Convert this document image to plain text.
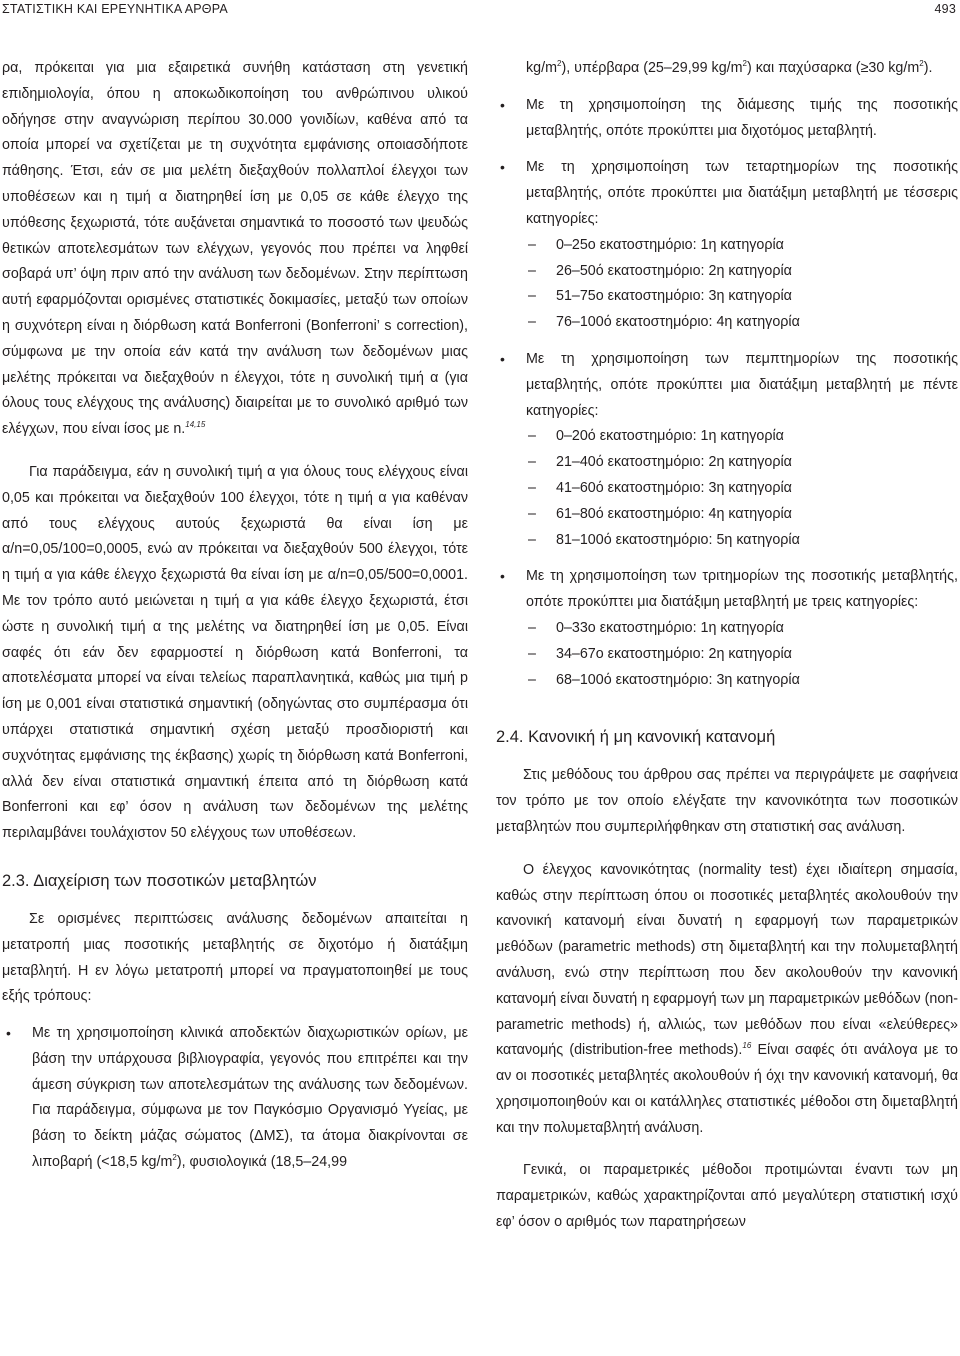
ΣΤΑΤΙΣΤΙΚΗ ΚΑΙ ΕΡΕΥΝΗΤΙΚΑ ΑΡΘΡΑ	493

ρα, πρόκειται για μια εξαιρετικά συνήθη κατάσταση στη γενετική επιδημιολογία, όπου η αποκωδικοποίηση του ανθρώπινου υλικού οδήγησε στην αναγνώριση περίπου 30.000 γονιδίων, καθένα από τα οποία μπορεί να σχετίζεται με τη συχνότητα εμφάνισης οποιασδήποτε πάθησης. Έτσι, εάν σε μια μελέτη διεξαχθούν πολλαπλοί έλεγχοι των υποθέσεων και η τιμή α διατηρηθεί ίση με 0,05 σε κάθε έλεγχο της υπόθεσης ξεχωριστά, τότε αυξάνεται σημαντικά το ποσοστό των ψευδώς θετικών αποτελεσμάτων των ελέγχων, γεγονός που πρέπει να ληφθεί σοβαρά υπ’ όψη πριν από την ανάλυση των δεδομένων. Στην περίπτωση αυτή εφαρμόζονται ορισμένες στατιστικές δοκιμασίες, μεταξύ των οποίων η συχνότερη είναι η διόρθωση κατά Bonferroni (Bonferroni’ s correction), σύμφωνα με την οποία εάν κατά την ανάλυση των δεδομένων μιας μελέτης πρόκειται να διεξαχθούν n έλεγχοι, τότε η συνολική τιμή α (για όλους τους ελέγχους της ανάλυσης) διαιρείται με το συνολικό αριθμό των ελέγχων, που είναι ίσος με n.$^{14,15}$

Για παράδειγμα, εάν η συνολική τιμή α για όλους τους ελέγχους είναι 0,05 και πρόκειται να διεξαχθούν 100 έλεγχοι, τότε η τιμή α για καθέναν από τους ελέγχους αυτούς ξεχωριστά θα είναι ίση με α/n=0,05/100=0,0005, ενώ αν πρόκειται να διεξαχθούν 500 έλεγχοι, τότε η τιμή α για κάθε έλεγχο ξεχωριστά θα είναι ίση με α/n=0,05/500=0,0001. Με τον τρόπο αυτό μειώνεται η τιμή α για κάθε έλεγχο ξεχωριστά, έτσι ώστε η συνολική τιμή α της μελέτης να διατηρηθεί ίση με 0,05. Είναι σαφές ότι εάν δεν εφαρμοστεί η διόρθωση κατά Bonferroni, τα αποτελέσματα μπορεί να είναι τελείως παραπλανητικά, καθώς μια τιμή p ίση με 0,001 είναι στατιστικά σημαντική (οδηγώντας στο συμπέρασμα ότι υπάρχει στατιστικά σημαντική σχέση μεταξύ προσδιοριστή και συχνότητας εμφάνισης της έκβασης) χωρίς τη διόρθωση κατά Bonferroni, αλλά δεν είναι στατιστικά σημαντική έπειτα από τη διόρθωση κατά Bonferroni και εφ’ όσον η ανάλυση των δεδομένων της μελέτης περιλαμβάνει τουλάχιστον 50 ελέγχους των υποθέσεων.

2.3. Διαχείριση των ποσοτικών μεταβλητών

Σε ορισμένες περιπτώσεις ανάλυσης δεδομένων απαιτείται η μετατροπή μιας ποσοτικής μεταβλητής σε διχοτόμο ή διατάξιμη μεταβλητή. Η εν λόγω μετατροπή μπορεί να πραγματοποιηθεί με τους εξής τρόπους:

• Με τη χρησιμοποίηση κλινικά αποδεκτών διαχωριστικών ορίων, με βάση την υπάρχουσα βιβλιογραφία, γεγονός που επιτρέπει και την άμεση σύγκριση των αποτελεσμάτων της ανάλυσης των δεδομένων. Για παράδειγμα, σύμφωνα με τον Παγκόσμιο Οργανισμό Υγείας, με βάση το δείκτη μάζας σώματος (ΔΜΣ), τα άτομα διακρίνονται σε λιποβαρή (<18,5 $kg/m^2$), φυσιολογικά (18,5–24,99

$kg/m^2$), υπέρβαρα (25–29,99 $kg/m^2$) και παχύσαρκα (≥30 $kg/m^2$).

• Με τη χρησιμοποίηση της διάμεσης τιμής της ποσοτικής μεταβλητής, οπότε προκύπτει μια διχοτόμος μεταβλητή.
• Με τη χρησιμοποίηση των τεταρτημορίων της ποσοτικής μεταβλητής, οπότε προκύπτει μια διατάξιμη μεταβλητή με τέσσερις κατηγορίες:
– 0–25ο εκατοστημόριο: 1η κατηγορία
– 26–50ό εκατοστημόριο: 2η κατηγορία
– 51–75ο εκατοστημόριο: 3η κατηγορία
– 76–100ό εκατοστημόριο: 4η κατηγορία
• Με τη χρησιμοποίηση των πεμπτημορίων της ποσοτικής μεταβλητής, οπότε προκύπτει μια διατάξιμη μεταβλητή με πέντε κατηγορίες:
– 0–20ό εκατοστημόριο: 1η κατηγορία
– 21–40ό εκατοστημόριο: 2η κατηγορία
– 41–60ό εκατοστημόριο: 3η κατηγορία
– 61–80ό εκατοστημόριο: 4η κατηγορία
– 81–100ό εκατοστημόριο: 5η κατηγορία
• Με τη χρησιμοποίηση των τριτημορίων της ποσοτικής μεταβλητής, οπότε προκύπτει μια διατάξιμη μεταβλητή με τρεις κατηγορίες:
– 0–33ο εκατοστημόριο: 1η κατηγορία
– 34–67ο εκατοστημόριο: 2η κατηγορία
– 68–100ό εκατοστημόριο: 3η κατηγορία
2.4. Κανονική ή μη κανονική κατανομή

Στις μεθόδους του άρθρου σας πρέπει να περιγράψετε με σαφήνεια τον τρόπο με τον οποίο ελέγξατε την κανονικότητα των ποσοτικών μεταβλητών που συμπεριλήφθηκαν στη στατιστική σας ανάλυση.

Ο έλεγχος κανονικότητας (normality test) έχει ιδιαίτερη σημασία, καθώς στην περίπτωση όπου οι ποσοτικές μεταβλητές ακολουθούν την κανονική κατανομή είναι δυνατή η εφαρμογή των παραμετρικών μεθόδων (parametric methods) στη διμεταβλητή και την πολυμεταβλητή ανάλυση, ενώ στην περίπτωση που δεν ακολουθούν την κανονική κατανομή είναι δυνατή η εφαρμογή των μη παραμετρικών μεθόδων (non-parametric methods) ή, αλλιώς, των μεθόδων που είναι «ελεύθερες» κατανομής (distribution-free methods).$^{16}$ Είναι σαφές ότι ανάλογα με το αν οι ποσοτικές μεταβλητές ακολουθούν ή όχι την κανονική κατανομή, θα χρησιμοποιηθούν και οι κατάλληλες στατιστικές μέθοδοι στη διμεταβλητή και την πολυμεταβλητή ανάλυση.

Γενικά, οι παραμετρικές μέθοδοι προτιμώνται έναντι των μη παραμετρικών, καθώς χαρακτηρίζονται από μεγαλύτερη στατιστική ισχύ εφ’ όσον ο αριθμός των παρατηρήσεων
